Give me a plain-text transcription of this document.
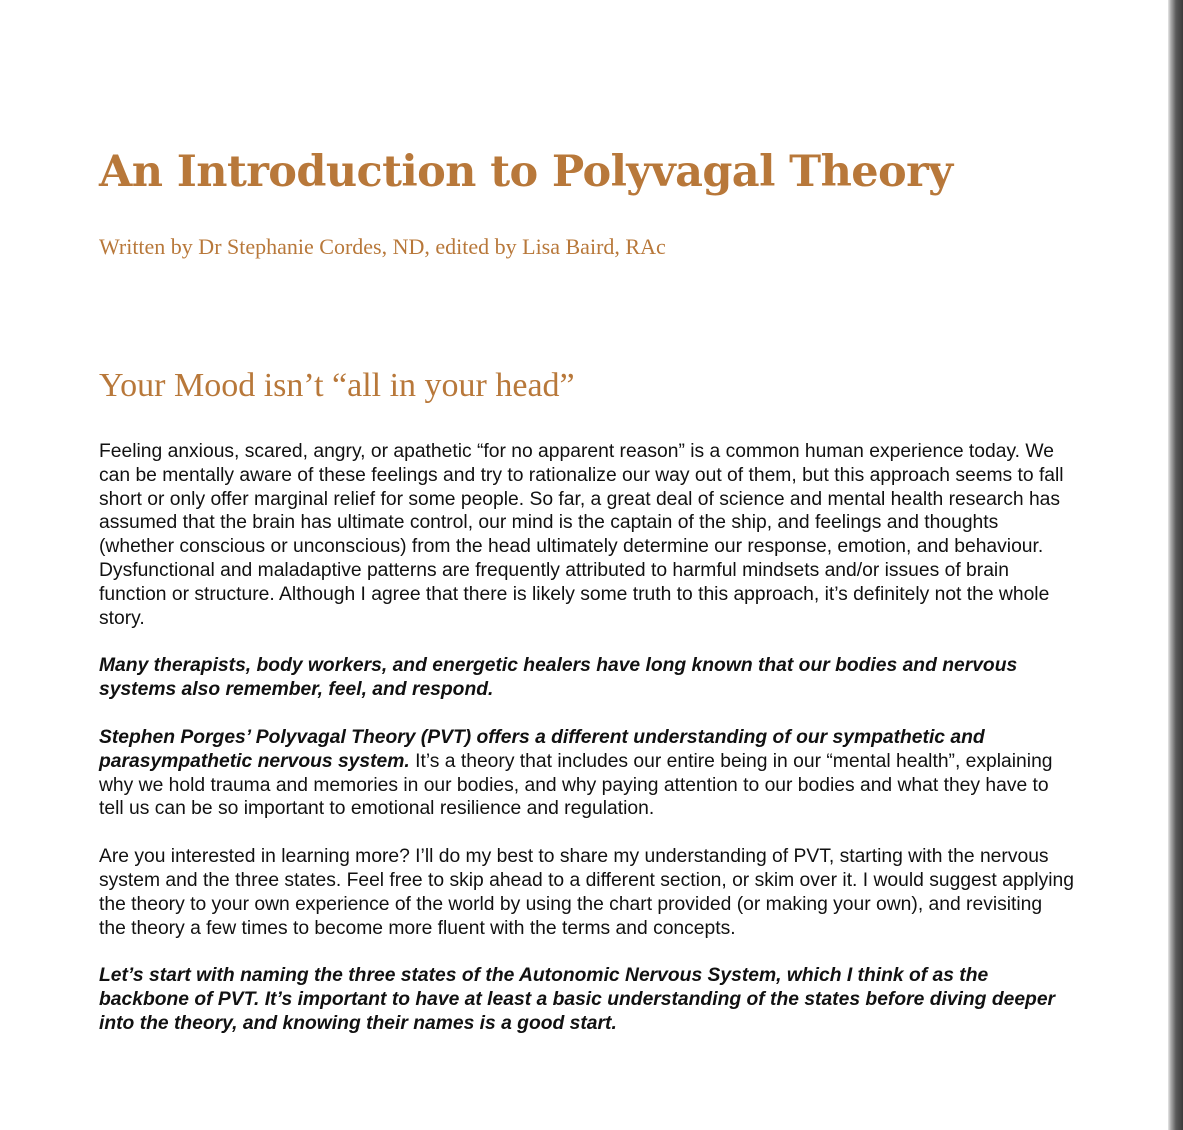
An Introduction to Polyvagal Theory
Written by Dr Stephanie Cordes, ND, edited by Lisa Baird, RAc
Your Mood isn’t “all in your head”

Feeling anxious, scared, angry, or apathetic “for no apparent reason” is a common human experience today. We can be mentally aware of these feelings and try to rationalize our way out of them, but this approach seems to fall short or only offer marginal relief for some people. So far, a great deal of science and mental health research has assumed that the brain has ultimate control, our mind is the captain of the ship, and feelings and thoughts (whether conscious or unconscious) from the head ultimately determine our response, emotion, and behaviour. Dysfunctional and maladaptive patterns are frequently attributed to harmful mindsets and/or issues of brain function or structure. Although I agree that there is likely some truth to this approach, it’s definitely not the whole story.

Many therapists, body workers, and energetic healers have long known that our bodies and nervous systems also remember, feel, and respond.

Stephen Porges’ Polyvagal Theory (PVT) offers a different understanding of our sympathetic and parasympathetic nervous system. It’s a theory that includes our entire being in our “mental health”, explaining why we hold trauma and memories in our bodies, and why paying attention to our bodies and what they have to tell us can be so important to emotional resilience and regulation.

Are you interested in learning more? I’ll do my best to share my understanding of PVT, starting with the nervous system and the three states. Feel free to skip ahead to a different section, or skim over it. I would suggest applying the theory to your own experience of the world by using the chart provided (or making your own), and revisiting the theory a few times to become more fluent with the terms and concepts.

Let’s start with naming the three states of the Autonomic Nervous System, which I think of as the backbone of PVT. It’s important to have at least a basic understanding of the states before diving deeper into the theory, and knowing their names is a good start.
